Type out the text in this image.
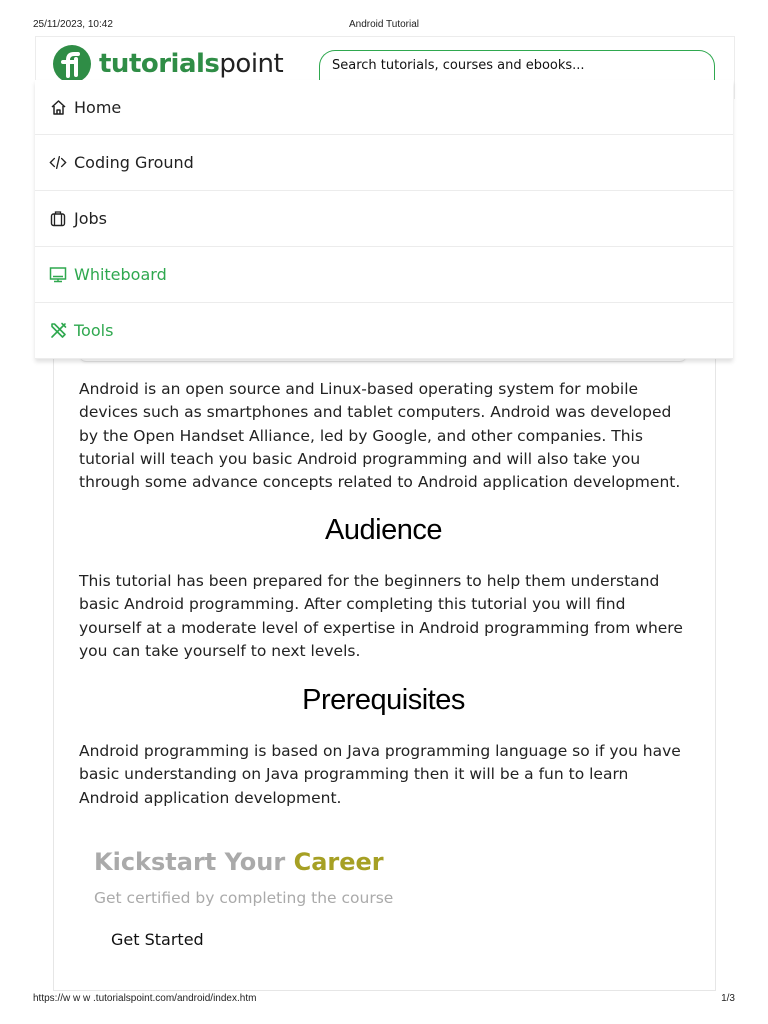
25/11/2023, 10:42	Android Tutorial
tutorialspoint	Search tutorials, courses and ebooks...
Home
Coding Ground
Jobs
Whiteboard
Tools

Android is an open source and Linux-based operating system for mobile devices such as smartphones and tablet computers. Android was developed by the Open Handset Alliance, led by Google, and other companies. This tutorial will teach you basic Android programming and will also take you through some advance concepts related to Android application development.

Audience

This tutorial has been prepared for the beginners to help them understand basic Android programming. After completing this tutorial you will find yourself at a moderate level of expertise in Android programming from where you can take yourself to next levels.

Prerequisites

Android programming is based on Java programming language so if you have basic understanding on Java programming then it will be a fun to learn Android application development.

Kickstart Your Career
Get certified by completing the course
Get Started
https://w w w .tutorialspoint.com/android/index.htm	1/3
